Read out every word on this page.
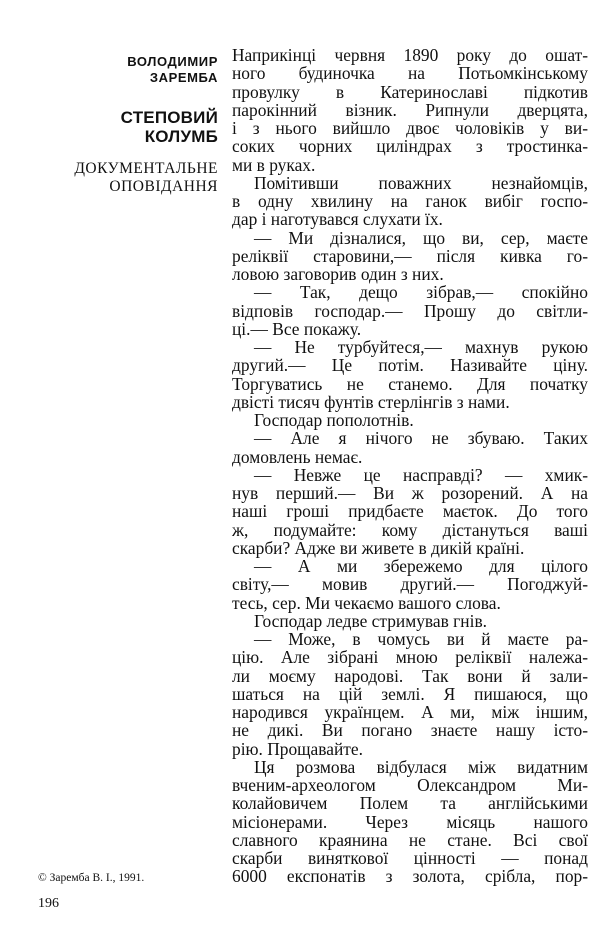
ВОЛОДИМИР
ЗАРЕМБА
СТЕПОВИЙ
КОЛУМБ
ДОКУМЕНТАЛЬНЕ
ОПОВІДАННЯ
© Заремба В. І., 1991.
196
Наприкінці червня 1890 року до ошат-
ного будиночка на Потьомкінському
провулку в Катеринославі підкотив
парокінний візник. Рипнули дверцята,
і з нього вийшло двоє чоловіків у ви-
соких чорних циліндрах з тростинка-
ми в руках.
Помітивши поважних незнайомців,
в одну хвилину на ганок вибіг госпо-
дар і наготувався слухати їх.
— Ми дізналися, що ви, сер, маєте
реліквії старовини,— після кивка го-
ловою заговорив один з них.
— Так, дещо зібрав,— спокійно
відповів господар.— Прошу до світли-
ці.— Все покажу.
— Не турбуйтеся,— махнув рукою
другий.— Це потім. Називайте ціну.
Торгуватись не станемо. Для початку
двісті тисяч фунтів стерлінгів з нами.
Господар пополотнів.
— Але я нічого не збуваю. Таких
домовлень немає.
— Невже це насправді? — хмик-
нув перший.— Ви ж розорений. А на
наші гроші придбаєте маєток. До того
ж, подумайте: кому дістануться ваші
скарби? Адже ви живете в дикій країні.
— А ми збережемо для цілого
світу,— мовив другий.— Погоджуй-
тесь, сер. Ми чекаємо вашого слова.
Господар ледве стримував гнів.
— Може, в чомусь ви й маєте ра-
цію. Але зібрані мною реліквії належа-
ли моєму народові. Так вони й зали-
шаться на цій землі. Я пишаюся, що
народився українцем. А ми, між іншим,
не дикі. Ви погано знаєте нашу істо-
рію. Прощавайте.
Ця розмова відбулася між видатним
вченим-археологом Олександром Ми-
колайовичем Полем та англійськими
місіонерами. Через місяць нашого
славного краянина не стане. Всі свої
скарби виняткової цінності — понад
6000 експонатів з золота, срібла, пор-
